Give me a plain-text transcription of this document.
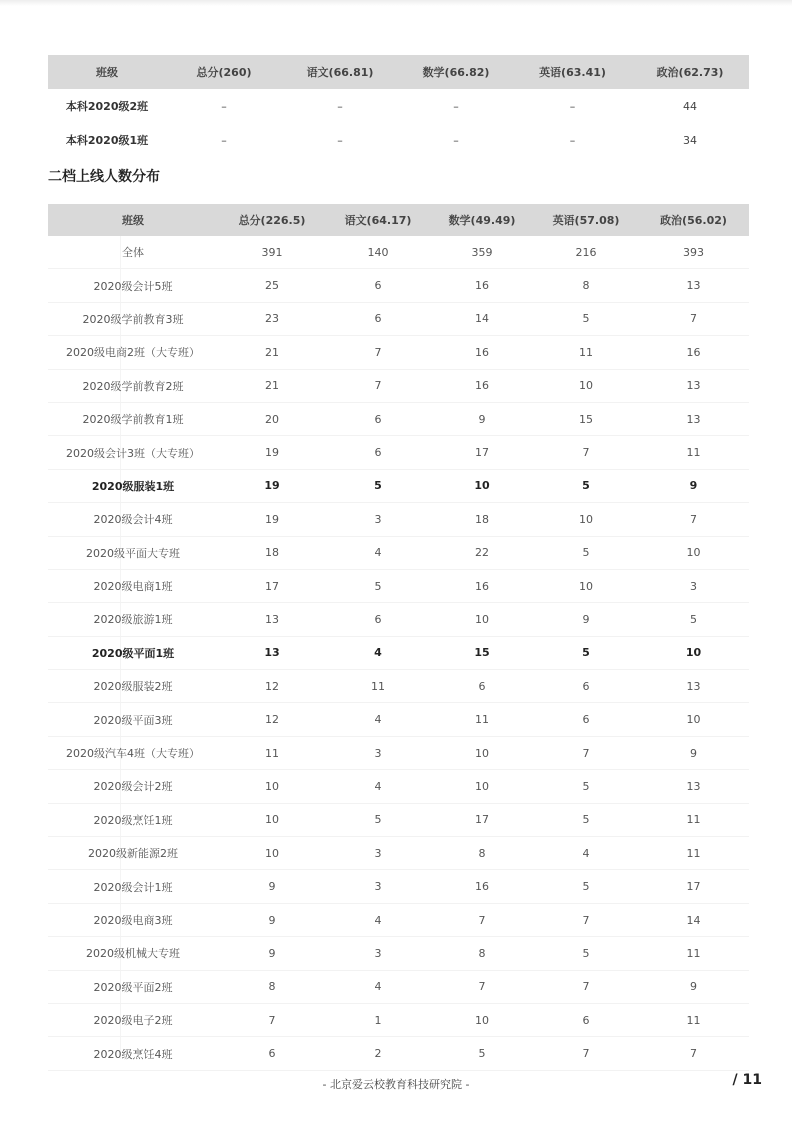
班级	总分(260)	语文(66.81)	数学(66.82)	英语(63.41)	政治(62.73)
本科2020级2班	–	–	–	–	44
本科2020级1班	–	–	–	–	34
二档上线人数分布
班级	总分(226.5)	语文(64.17)	数学(49.49)	英语(57.08)	政治(56.02)
全体	391	140	359	216	393
2020级会计5班	25	6	16	8	13
2020级学前教育3班	23	6	14	5	7
2020级电商2班（大专班）	21	7	16	11	16
2020级学前教育2班	21	7	16	10	13
2020级学前教育1班	20	6	9	15	13
2020级会计3班（大专班）	19	6	17	7	11
2020级服装1班	19	5	10	5	9
2020级会计4班	19	3	18	10	7
2020级平面大专班	18	4	22	5	10
2020级电商1班	17	5	16	10	3
2020级旅游1班	13	6	10	9	5
2020级平面1班	13	4	15	5	10
2020级服装2班	12	11	6	6	13
2020级平面3班	12	4	11	6	10
2020级汽车4班（大专班）	11	3	10	7	9
2020级会计2班	10	4	10	5	13
2020级烹饪1班	10	5	17	5	11
2020级新能源2班	10	3	8	4	11
2020级会计1班	9	3	16	5	17
2020级电商3班	9	4	7	7	14
2020级机械大专班	9	3	8	5	11
2020级平面2班	8	4	7	7	9
2020级电子2班	7	1	10	6	11
2020级烹饪4班	6	2	5	7	7
- 北京爱云校教育科技研究院 -	/ 11
